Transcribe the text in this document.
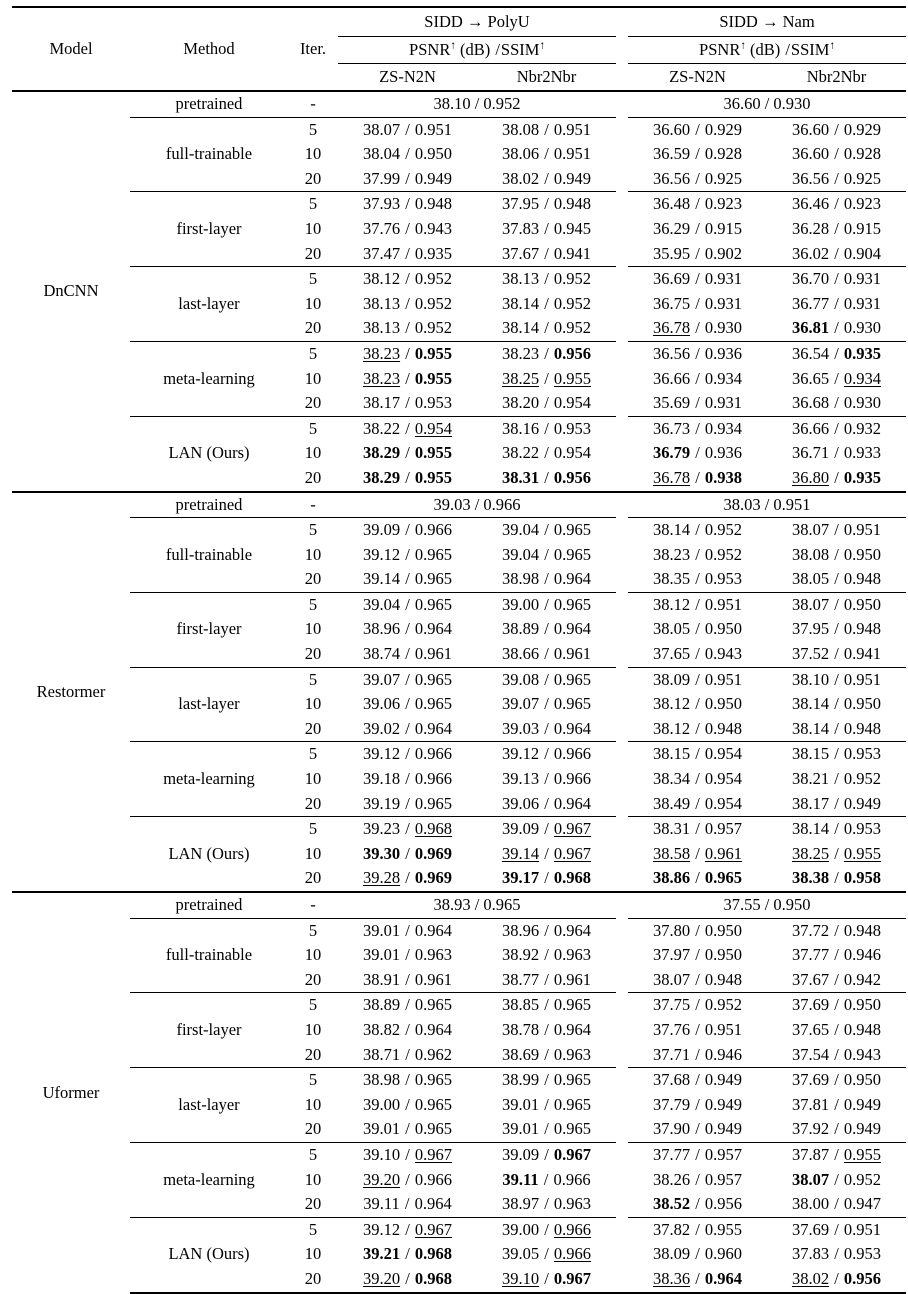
Model	Method	Iter.	SIDD → PolyU			SIDD → Nam	
			PSNR↑ (dB) /SSIM↑			PSNR↑ (dB) /SSIM↑
			ZS-N2N	Nbr2Nbr		ZS-N2N	Nbr2Nbr
DnCNN	pretrained	-	38.10 / 0.952			36.60 / 0.930	
		5	38.07 / 0.951	38.08 / 0.951		36.60 / 0.929	36.60 / 0.929
	full-trainable	10	38.04 / 0.950	38.06 / 0.951		36.59 / 0.928	36.60 / 0.928
		20	37.99 / 0.949	38.02 / 0.949		36.56 / 0.925	36.56 / 0.925
		5	37.93 / 0.948	37.95 / 0.948		36.48 / 0.923	36.46 / 0.923
	first-layer	10	37.76 / 0.943	37.83 / 0.945		36.29 / 0.915	36.28 / 0.915
		20	37.47 / 0.935	37.67 / 0.941		35.95 / 0.902	36.02 / 0.904
		5	38.12 / 0.952	38.13 / 0.952		36.69 / 0.931	36.70 / 0.931
	last-layer	10	38.13 / 0.952	38.14 / 0.952		36.75 / 0.931	36.77 / 0.931
		20	38.13 / 0.952	38.14 / 0.952		36.78 / 0.930	36.81 / 0.930
		5	38.23 / 0.955	38.23 / 0.956		36.56 / 0.936	36.54 / 0.935
	meta-learning	10	38.23 / 0.955	38.25 / 0.955		36.66 / 0.934	36.65 / 0.934
		20	38.17 / 0.953	38.20 / 0.954		35.69 / 0.931	36.68 / 0.930
		5	38.22 / 0.954	38.16 / 0.953		36.73 / 0.934	36.66 / 0.932
	LAN (Ours)	10	38.29 / 0.955	38.22 / 0.954		36.79 / 0.936	36.71 / 0.933
		20	38.29 / 0.955	38.31 / 0.956		36.78 / 0.938	36.80 / 0.935
Restormer	pretrained	-	39.03 / 0.966			38.03 / 0.951	
		5	39.09 / 0.966	39.04 / 0.965		38.14 / 0.952	38.07 / 0.951
	full-trainable	10	39.12 / 0.965	39.04 / 0.965		38.23 / 0.952	38.08 / 0.950
		20	39.14 / 0.965	38.98 / 0.964		38.35 / 0.953	38.05 / 0.948
		5	39.04 / 0.965	39.00 / 0.965		38.12 / 0.951	38.07 / 0.950
	first-layer	10	38.96 / 0.964	38.89 / 0.964		38.05 / 0.950	37.95 / 0.948
		20	38.74 / 0.961	38.66 / 0.961		37.65 / 0.943	37.52 / 0.941
		5	39.07 / 0.965	39.08 / 0.965		38.09 / 0.951	38.10 / 0.951
	last-layer	10	39.06 / 0.965	39.07 / 0.965		38.12 / 0.950	38.14 / 0.950
		20	39.02 / 0.964	39.03 / 0.964		38.12 / 0.948	38.14 / 0.948
		5	39.12 / 0.966	39.12 / 0.966		38.15 / 0.954	38.15 / 0.953
	meta-learning	10	39.18 / 0.966	39.13 / 0.966		38.34 / 0.954	38.21 / 0.952
		20	39.19 / 0.965	39.06 / 0.964		38.49 / 0.954	38.17 / 0.949
		5	39.23 / 0.968	39.09 / 0.967		38.31 / 0.957	38.14 / 0.953
	LAN (Ours)	10	39.30 / 0.969	39.14 / 0.967		38.58 / 0.961	38.25 / 0.955
		20	39.28 / 0.969	39.17 / 0.968		38.86 / 0.965	38.38 / 0.958
Uformer	pretrained	-	38.93 / 0.965			37.55 / 0.950	
		5	39.01 / 0.964	38.96 / 0.964		37.80 / 0.950	37.72 / 0.948
	full-trainable	10	39.01 / 0.963	38.92 / 0.963		37.97 / 0.950	37.77 / 0.946
		20	38.91 / 0.961	38.77 / 0.961		38.07 / 0.948	37.67 / 0.942
		5	38.89 / 0.965	38.85 / 0.965		37.75 / 0.952	37.69 / 0.950
	first-layer	10	38.82 / 0.964	38.78 / 0.964		37.76 / 0.951	37.65 / 0.948
		20	38.71 / 0.962	38.69 / 0.963		37.71 / 0.946	37.54 / 0.943
		5	38.98 / 0.965	38.99 / 0.965		37.68 / 0.949	37.69 / 0.950
	last-layer	10	39.00 / 0.965	39.01 / 0.965		37.79 / 0.949	37.81 / 0.949
		20	39.01 / 0.965	39.01 / 0.965		37.90 / 0.949	37.92 / 0.949
		5	39.10 / 0.967	39.09 / 0.967		37.77 / 0.957	37.87 / 0.955
	meta-learning	10	39.20 / 0.966	39.11 / 0.966		38.26 / 0.957	38.07 / 0.952
		20	39.11 / 0.964	38.97 / 0.963		38.52 / 0.956	38.00 / 0.947
		5	39.12 / 0.967	39.00 / 0.966		37.82 / 0.955	37.69 / 0.951
	LAN (Ours)	10	39.21 / 0.968	39.05 / 0.966		38.09 / 0.960	37.83 / 0.953
		20	39.20 / 0.968	39.10 / 0.967		38.36 / 0.964	38.02 / 0.956
